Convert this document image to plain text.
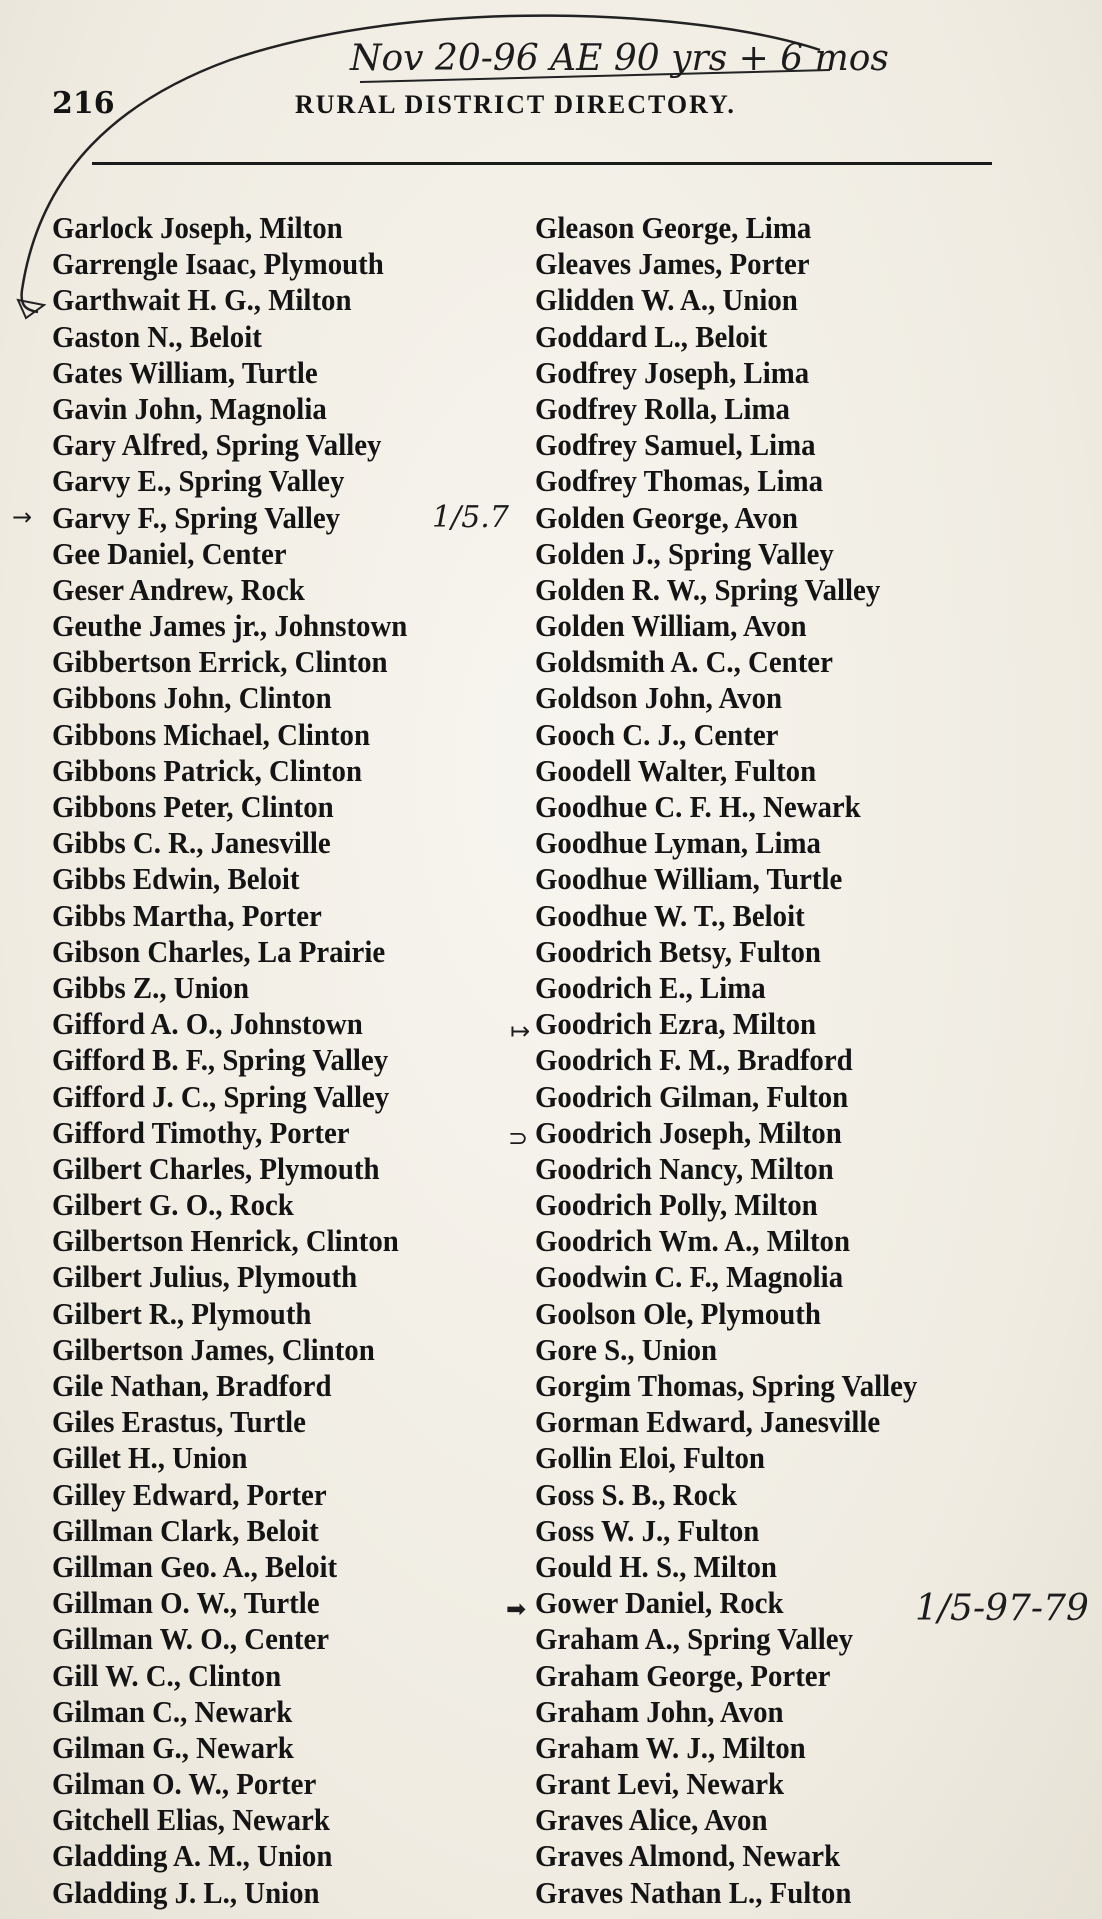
Nov 20-96 AE 90 yrs + 6 mos
216	RURAL DISTRICT DIRECTORY.
Garlock Joseph, Milton
Garrengle Isaac, Plymouth
Garthwait H. G., Milton
Gaston N., Beloit
Gates William, Turtle
Gavin John, Magnolia
Gary Alfred, Spring Valley
Garvy E., Spring Valley
Garvy F., Spring Valley
Gee Daniel, Center
Geser Andrew, Rock
Geuthe James jr., Johnstown
Gibbertson Errick, Clinton
Gibbons John, Clinton
Gibbons Michael, Clinton
Gibbons Patrick, Clinton
Gibbons Peter, Clinton
Gibbs C. R., Janesville
Gibbs Edwin, Beloit
Gibbs Martha, Porter
Gibson Charles, La Prairie
Gibbs Z., Union
Gifford A. O., Johnstown
Gifford B. F., Spring Valley
Gifford J. C., Spring Valley
Gifford Timothy, Porter
Gilbert Charles, Plymouth
Gilbert G. O., Rock
Gilbertson Henrick, Clinton
Gilbert Julius, Plymouth
Gilbert R., Plymouth
Gilbertson James, Clinton
Gile Nathan, Bradford
Giles Erastus, Turtle
Gillet H., Union
Gilley Edward, Porter
Gillman Clark, Beloit
Gillman Geo. A., Beloit
Gillman O. W., Turtle
Gillman W. O., Center
Gill W. C., Clinton
Gilman C., Newark
Gilman G., Newark
Gilman O. W., Porter
Gitchell Elias, Newark
Gladding A. M., Union
Gladding J. L., Union
Gleason George, Lima
Gleaves James, Porter
Glidden W. A., Union
Goddard L., Beloit
Godfrey Joseph, Lima
Godfrey Rolla, Lima
Godfrey Samuel, Lima
Godfrey Thomas, Lima
Golden George, Avon
Golden J., Spring Valley
Golden R. W., Spring Valley
Golden William, Avon
Goldsmith A. C., Center
Goldson John, Avon
Gooch C. J., Center
Goodell Walter, Fulton
Goodhue C. F. H., Newark
Goodhue Lyman, Lima
Goodhue William, Turtle
Goodhue W. T., Beloit
Goodrich Betsy, Fulton
Goodrich E., Lima
Goodrich Ezra, Milton
Goodrich F. M., Bradford
Goodrich Gilman, Fulton
Goodrich Joseph, Milton
Goodrich Nancy, Milton
Goodrich Polly, Milton
Goodrich Wm. A., Milton
Goodwin C. F., Magnolia
Goolson Ole, Plymouth
Gore S., Union
Gorgim Thomas, Spring Valley
Gorman Edward, Janesville
Gollin Eloi, Fulton
Goss S. B., Rock
Goss W. J., Fulton
Gould H. S., Milton
Gower Daniel, Rock
Graham A., Spring Valley
Graham George, Porter
Graham John, Avon
Graham W. J., Milton
Grant Levi, Newark
Graves Alice, Avon
Graves Almond, Newark
Graves Nathan L., Fulton
→
↦
⊃
➡
1/5.7
1/5-97-79
